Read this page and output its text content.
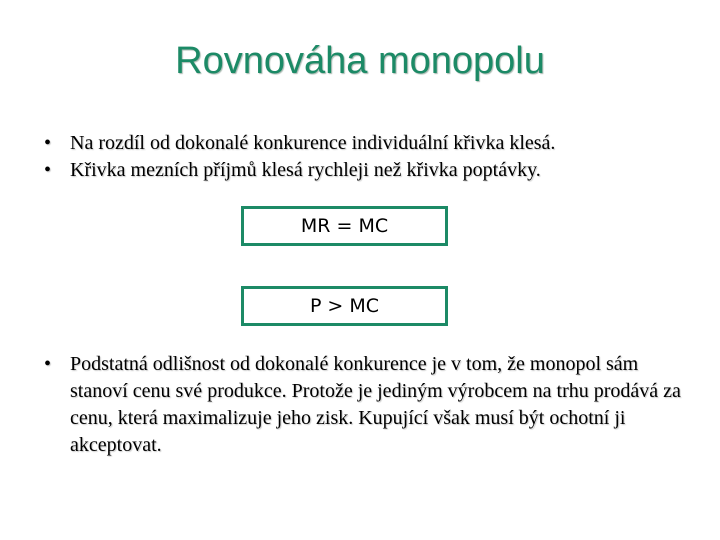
Rovnováha monopolu
• Na rozdíl od dokonalé konkurence individuální křivka klesá.
• Křivka mezních příjmů klesá rychleji než křivka poptávky.
MR = MC
P > MC
• Podstatná odlišnost od dokonalé konkurence je v tom, že monopol sám stanoví cenu své produkce. Protože je jediným výrobcem na trhu prodává za cenu, která maximalizuje jeho zisk. Kupující však musí být ochotní ji akceptovat.
